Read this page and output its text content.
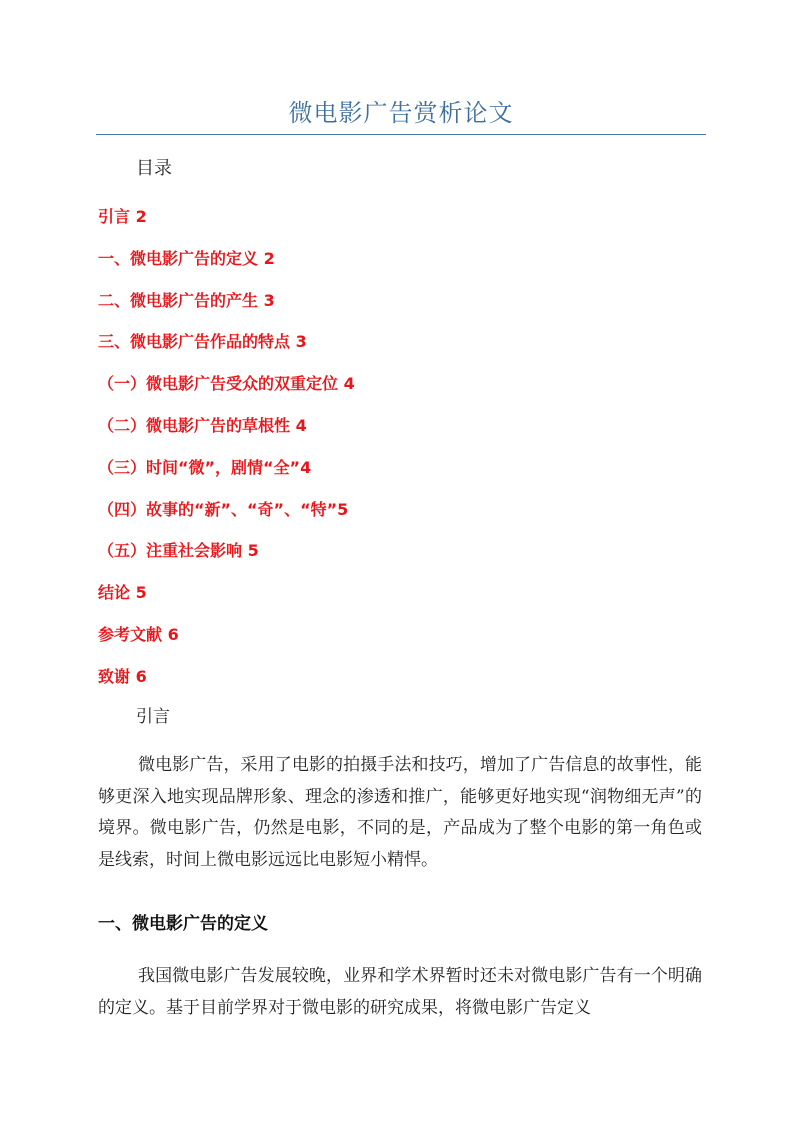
微电影广告赏析论文
目录
引言 2
一、微电影广告的定义 2
二、微电影广告的产生 3
三、微电影广告作品的特点 3
（一）微电影广告受众的双重定位 4
（二）微电影广告的草根性 4
（三）时间“微”，剧情“全”4
（四）故事的“新”、“奇”、“特”5
（五）注重社会影响 5
结论 5
参考文献 6
致谢 6
引言

微电影广告，采用了电影的拍摄手法和技巧，增加了广告信息的故事性，能够更深入地实现品牌形象、理念的渗透和推广，能够更好地实现“润物细无声”的境界。微电影广告，仍然是电影，不同的是，产品成为了整个电影的第一角色或是线索，时间上微电影远远比电影短小精悍。

一、微电影广告的定义

我国微电影广告发展较晚，业界和学术界暂时还未对微电影广告有一个明确的定义。基于目前学界对于微电影的研究成果，将微电影广告定义
